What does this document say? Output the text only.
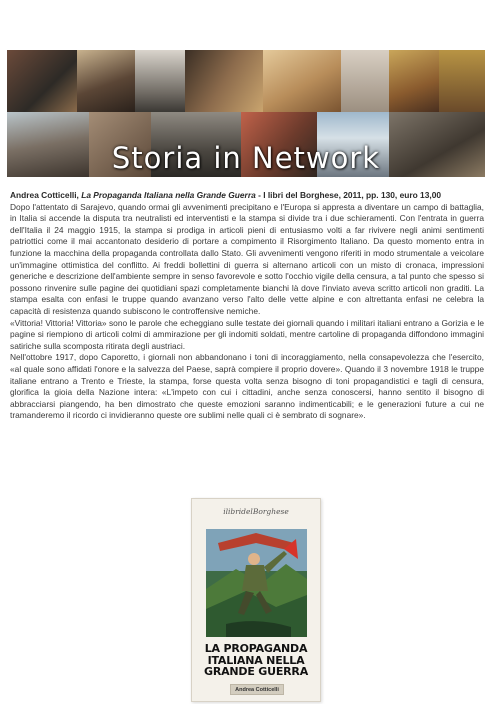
Storia in Network

Andrea Cotticelli, La Propaganda Italiana nella Grande Guerra - I libri del Borghese, 2011, pp. 130, euro 13,00

Dopo l'attentato di Sarajevo, quando ormai gli avvenimenti precipitano e l'Europa si appresta a diventare un campo di battaglia, in Italia si accende la disputa tra neutralisti ed interventisti e la stampa si divide tra i due schieramenti. Con l'entrata in guerra dell'Italia il 24 maggio 1915, la stampa si prodiga in articoli pieni di entusiasmo volti a far rivivere negli animi sentimenti patriottici come il mai accantonato desiderio di portare a compimento il Risorgimento Italiano. Da questo momento entra in funzione la macchina della propaganda controllata dallo Stato. Gli avvenimenti vengono riferiti in modo strumentale a veicolare un'immagine ottimistica del conflitto. Ai freddi bollettini di guerra si alternano articoli con un misto di cronaca, impressioni generiche e descrizione dell'ambiente sempre in senso favorevole e sotto l'occhio vigile della censura, a tal punto che spesso si possono rinvenire sulle pagine dei quotidiani spazi completamente bianchi là dove l'inviato aveva scritto articoli non graditi. La stampa esalta con enfasi le truppe quando avanzano verso l'alto delle vette alpine e con altrettanta enfasi ne celebra la capacità di resistenza quando subiscono le controffensive nemiche.

«Vittoria! Vittoria! Vittoria» sono le parole che echeggiano sulle testate dei giornali quando i militari italiani entrano a Gorizia e le pagine si riempiono di articoli colmi di ammirazione per gli indomiti soldati, mentre cartoline di propaganda diffondono immagini satiriche sulla scomposta ritirata degli austriaci.

Nell'ottobre 1917, dopo Caporetto, i giornali non abbandonano i toni di incoraggiamento, nella consapevolezza che l'esercito, «al quale sono affidati l'onore e la salvezza del Paese, saprà compiere il proprio dovere». Quando il 3 novembre 1918 le truppe italiane entrano a Trento e Trieste, la stampa, forse questa volta senza bisogno di toni propagandistici e tagli di censura, glorifica la gioia della Nazione intera: «L'impeto con cui i cittadini, anche senza conoscersi, hanno sentito il bisogno di abbracciarsi piangendo, ha ben dimostrato che queste emozioni saranno indimenticabili; e le generazioni future a cui ne tramanderemo il ricordo ci invidieranno queste ore sublimi nelle quali ci è sembrato di sognare».

ilibridelBorghese
LA PROPAGANDA
ITALIANA NELLA
GRANDE GUERRA
Andrea Cotticelli
